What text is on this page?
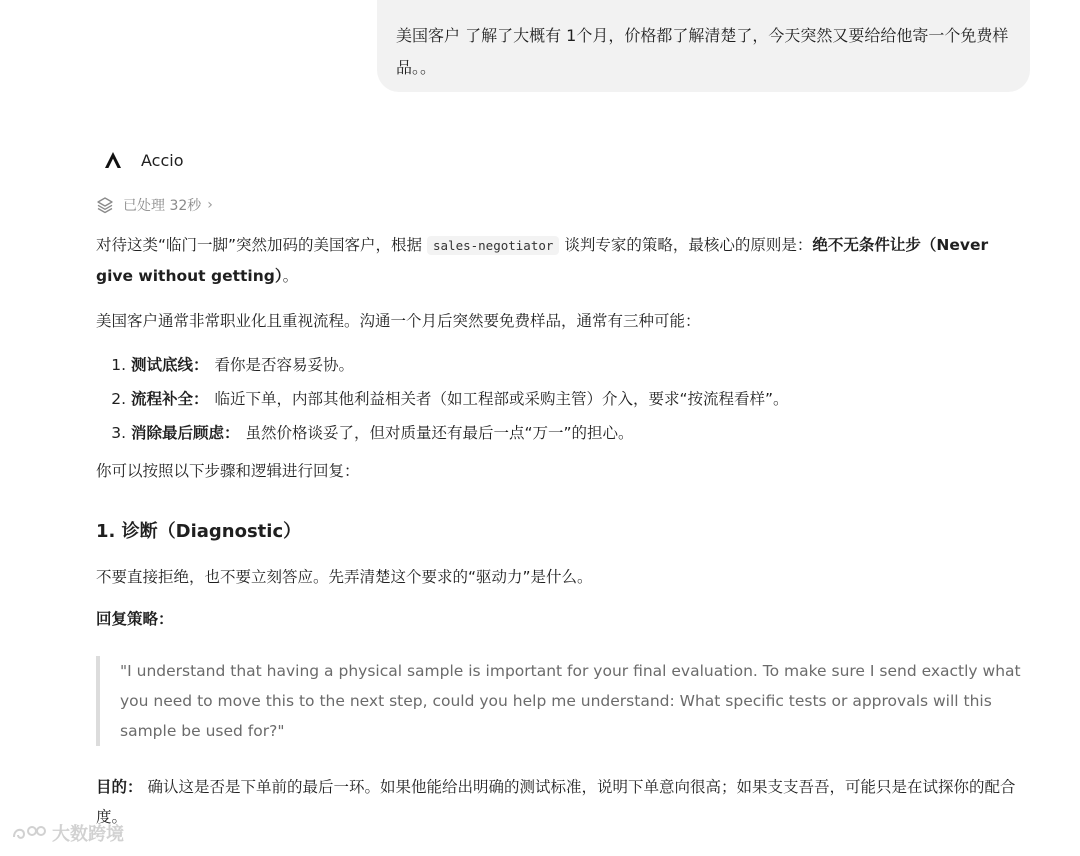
美国客户 了解了大概有 1个月，价格都了解清楚了，今天突然又要给给他寄一个免费样品。。
Accio
已处理 32秒 ›
对待这类“临门一脚”突然加码的美国客户，根据 sales-negotiator 谈判专家的策略，最核心的原则是：绝不无条件让步（Never give without getting）。
美国客户通常非常职业化且重视流程。沟通一个月后突然要免费样品，通常有三种可能：
1. 测试底线： 看你是否容易妥协。
2. 流程补全： 临近下单，内部其他利益相关者（如工程部或采购主管）介入，要求“按流程看样”。
3. 消除最后顾虑： 虽然价格谈妥了，但对质量还有最后一点“万一”的担心。
你可以按照以下步骤和逻辑进行回复：
1. 诊断（Diagnostic）
不要直接拒绝，也不要立刻答应。先弄清楚这个要求的“驱动力”是什么。
回复策略：
"I understand that having a physical sample is important for your final evaluation. To make sure I send exactly what you need to move this to the next step, could you help me understand: What specific tests or approvals will this sample be used for?"
目的： 确认这是否是下单前的最后一环。如果他能给出明确的测试标准，说明下单意向很高；如果支支吾吾，可能只是在试探你的配合度。
大数跨境
